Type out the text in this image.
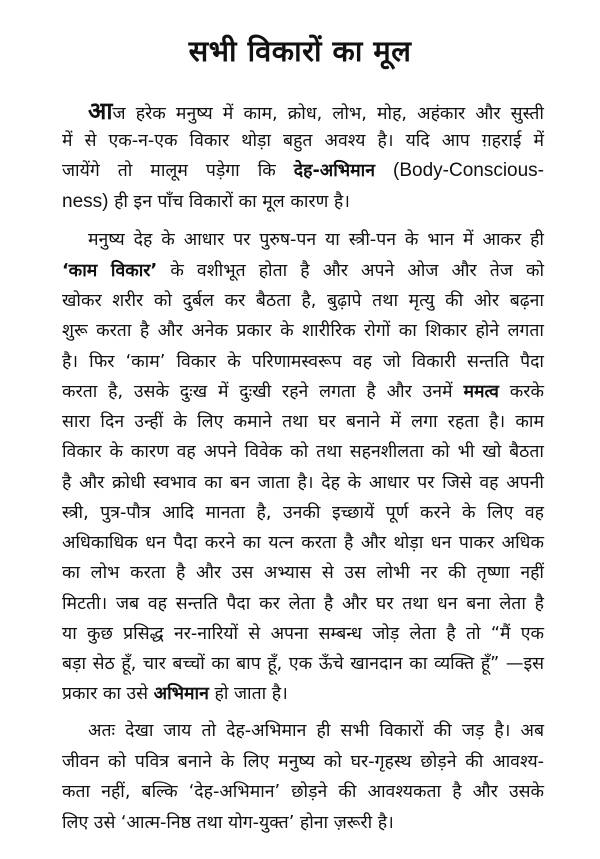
सभी विकारों का मूल
आज हरेक मनुष्य में काम, क्रोध, लोभ, मोह, अहंकार और सुस्ती
में से एक-न-एक विकार थोड़ा बहुत अवश्य है। यदि आप ग़हराई में
जायेंगे तो मालूम पड़ेगा कि देह-अभिमान (Body-Conscious-
ness) ही इन पाँच विकारों का मूल कारण है।
मनुष्य देह के आधार पर पुरुष-पन या स्त्री-पन के भान में आकर ही
‘काम विकार’ के वशीभूत होता है और अपने ओज और तेज को
खोकर शरीर को दुर्बल कर बैठता है, बुढ़ापे तथा मृत्यु की ओर बढ़ना
शुरू करता है और अनेक प्रकार के शारीरिक रोगों का शिकार होने लगता
है। फिर ‘काम’ विकार के परिणामस्वरूप वह जो विकारी सन्तति पैदा
करता है, उसके दुःख में दुःखी रहने लगता है और उनमें ममत्व करके
सारा दिन उन्हीं के लिए कमाने तथा घर बनाने में लगा रहता है। काम
विकार के कारण वह अपने विवेक को तथा सहनशीलता को भी खो बैठता
है और क्रोधी स्वभाव का बन जाता है। देह के आधार पर जिसे वह अपनी
स्त्री, पुत्र-पौत्र आदि मानता है, उनकी इच्छायें पूर्ण करने के लिए वह
अधिकाधिक धन पैदा करने का यत्न करता है और थोड़ा धन पाकर अधिक
का लोभ करता है और उस अभ्यास से उस लोभी नर की तृष्णा नहीं
मिटती। जब वह सन्तति पैदा कर लेता है और घर तथा धन बना लेता है
या कुछ प्रसिद्ध नर-नारियों से अपना सम्बन्ध जोड़ लेता है तो “मैं एक
बड़ा सेठ हूँ, चार बच्चों का बाप हूँ, एक ऊँचे खानदान का व्यक्ति हूँ” —इस
प्रकार का उसे अभिमान हो जाता है।
अतः देखा जाय तो देह-अभिमान ही सभी विकारों की जड़ है। अब
जीवन को पवित्र बनाने के लिए मनुष्य को घर-गृहस्थ छोड़ने की आवश्य-
कता नहीं, बल्कि ‘देह-अभिमान’ छोड़ने की आवश्यकता है और उसके
लिए उसे ‘आत्म-निष्ठ तथा योग-युक्त’ होना ज़रूरी है।
